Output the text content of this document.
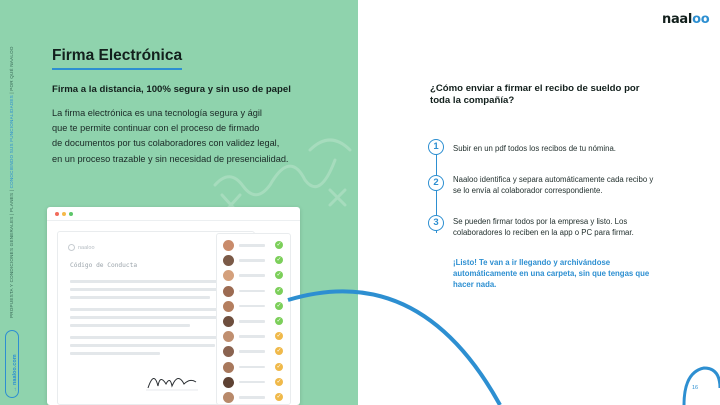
PROPUESTA Y CONDICIONES GENERALES | PLANES | CONOCIENDO SUS FUNCIONALIDADES | POR QUÉ NAALOO
→ naaloo.com
Firma Electrónica
Firma a la distancia, 100% segura y sin uso de papel
La firma electrónica es una tecnología segura y ágil
que te permite continuar con el proceso de firmado
de documentos por tus colaboradores con validez legal,
en un proceso trazable y sin necesidad de presencialidad.
naaloo
Código de Conducta
✓
✓
✓
✓
✓
✓
✓
✓
✓
✓
✓
naaloo
¿Cómo enviar a firmar el recibo de sueldo por toda la compañía?
1	Subir en un pdf todos los recibos de tu nómina.
2	Naaloo identifica y separa automáticamente cada recibo y se lo envía al colaborador correspondiente.
3	Se pueden firmar todos por la empresa y listo. Los colaboradores lo reciben en la app o PC para firmar.
¡Listo! Te van a ir llegando y archivándose automáticamente en una carpeta, sin que tengas que hacer nada.
16
